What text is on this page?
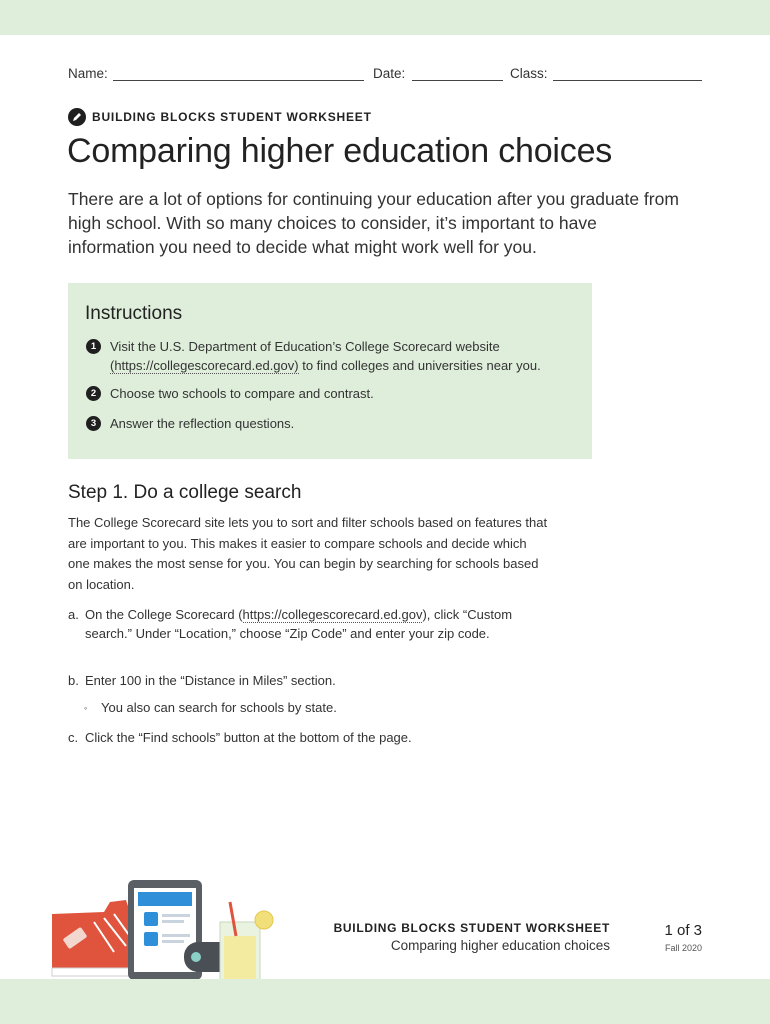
Name:	Date:	Class:
BUILDING BLOCKS STUDENT WORKSHEET
Comparing higher education choices

There are a lot of options for continuing your education after you graduate from high school. With so many choices to consider, it’s important to have information you need to decide what might work well for you.

Instructions
1	Visit the U.S. Department of Education’s College Scorecard website
(https://collegescorecard.ed.gov) to find colleges and universities near you.
2	Choose two schools to compare and contrast.
3	Answer the reflection questions.
Step 1. Do a college search

The College Scorecard site lets you to sort and filter schools based on features that are important to you. This makes it easier to compare schools and decide which one makes the most sense for you. You can begin by searching for schools based on location.

a. On the College Scorecard (https://collegescorecard.ed.gov), click “Custom search.” Under “Location,” choose “Zip Code” and enter your zip code.
b. Enter 100 in the “Distance in Miles” section.
◦ You also can search for schools by state.
c. Click the “Find schools” button at the bottom of the page.
BUILDING BLOCKS STUDENT WORKSHEET
Comparing higher education choices
1 of 3
Fall 2020
